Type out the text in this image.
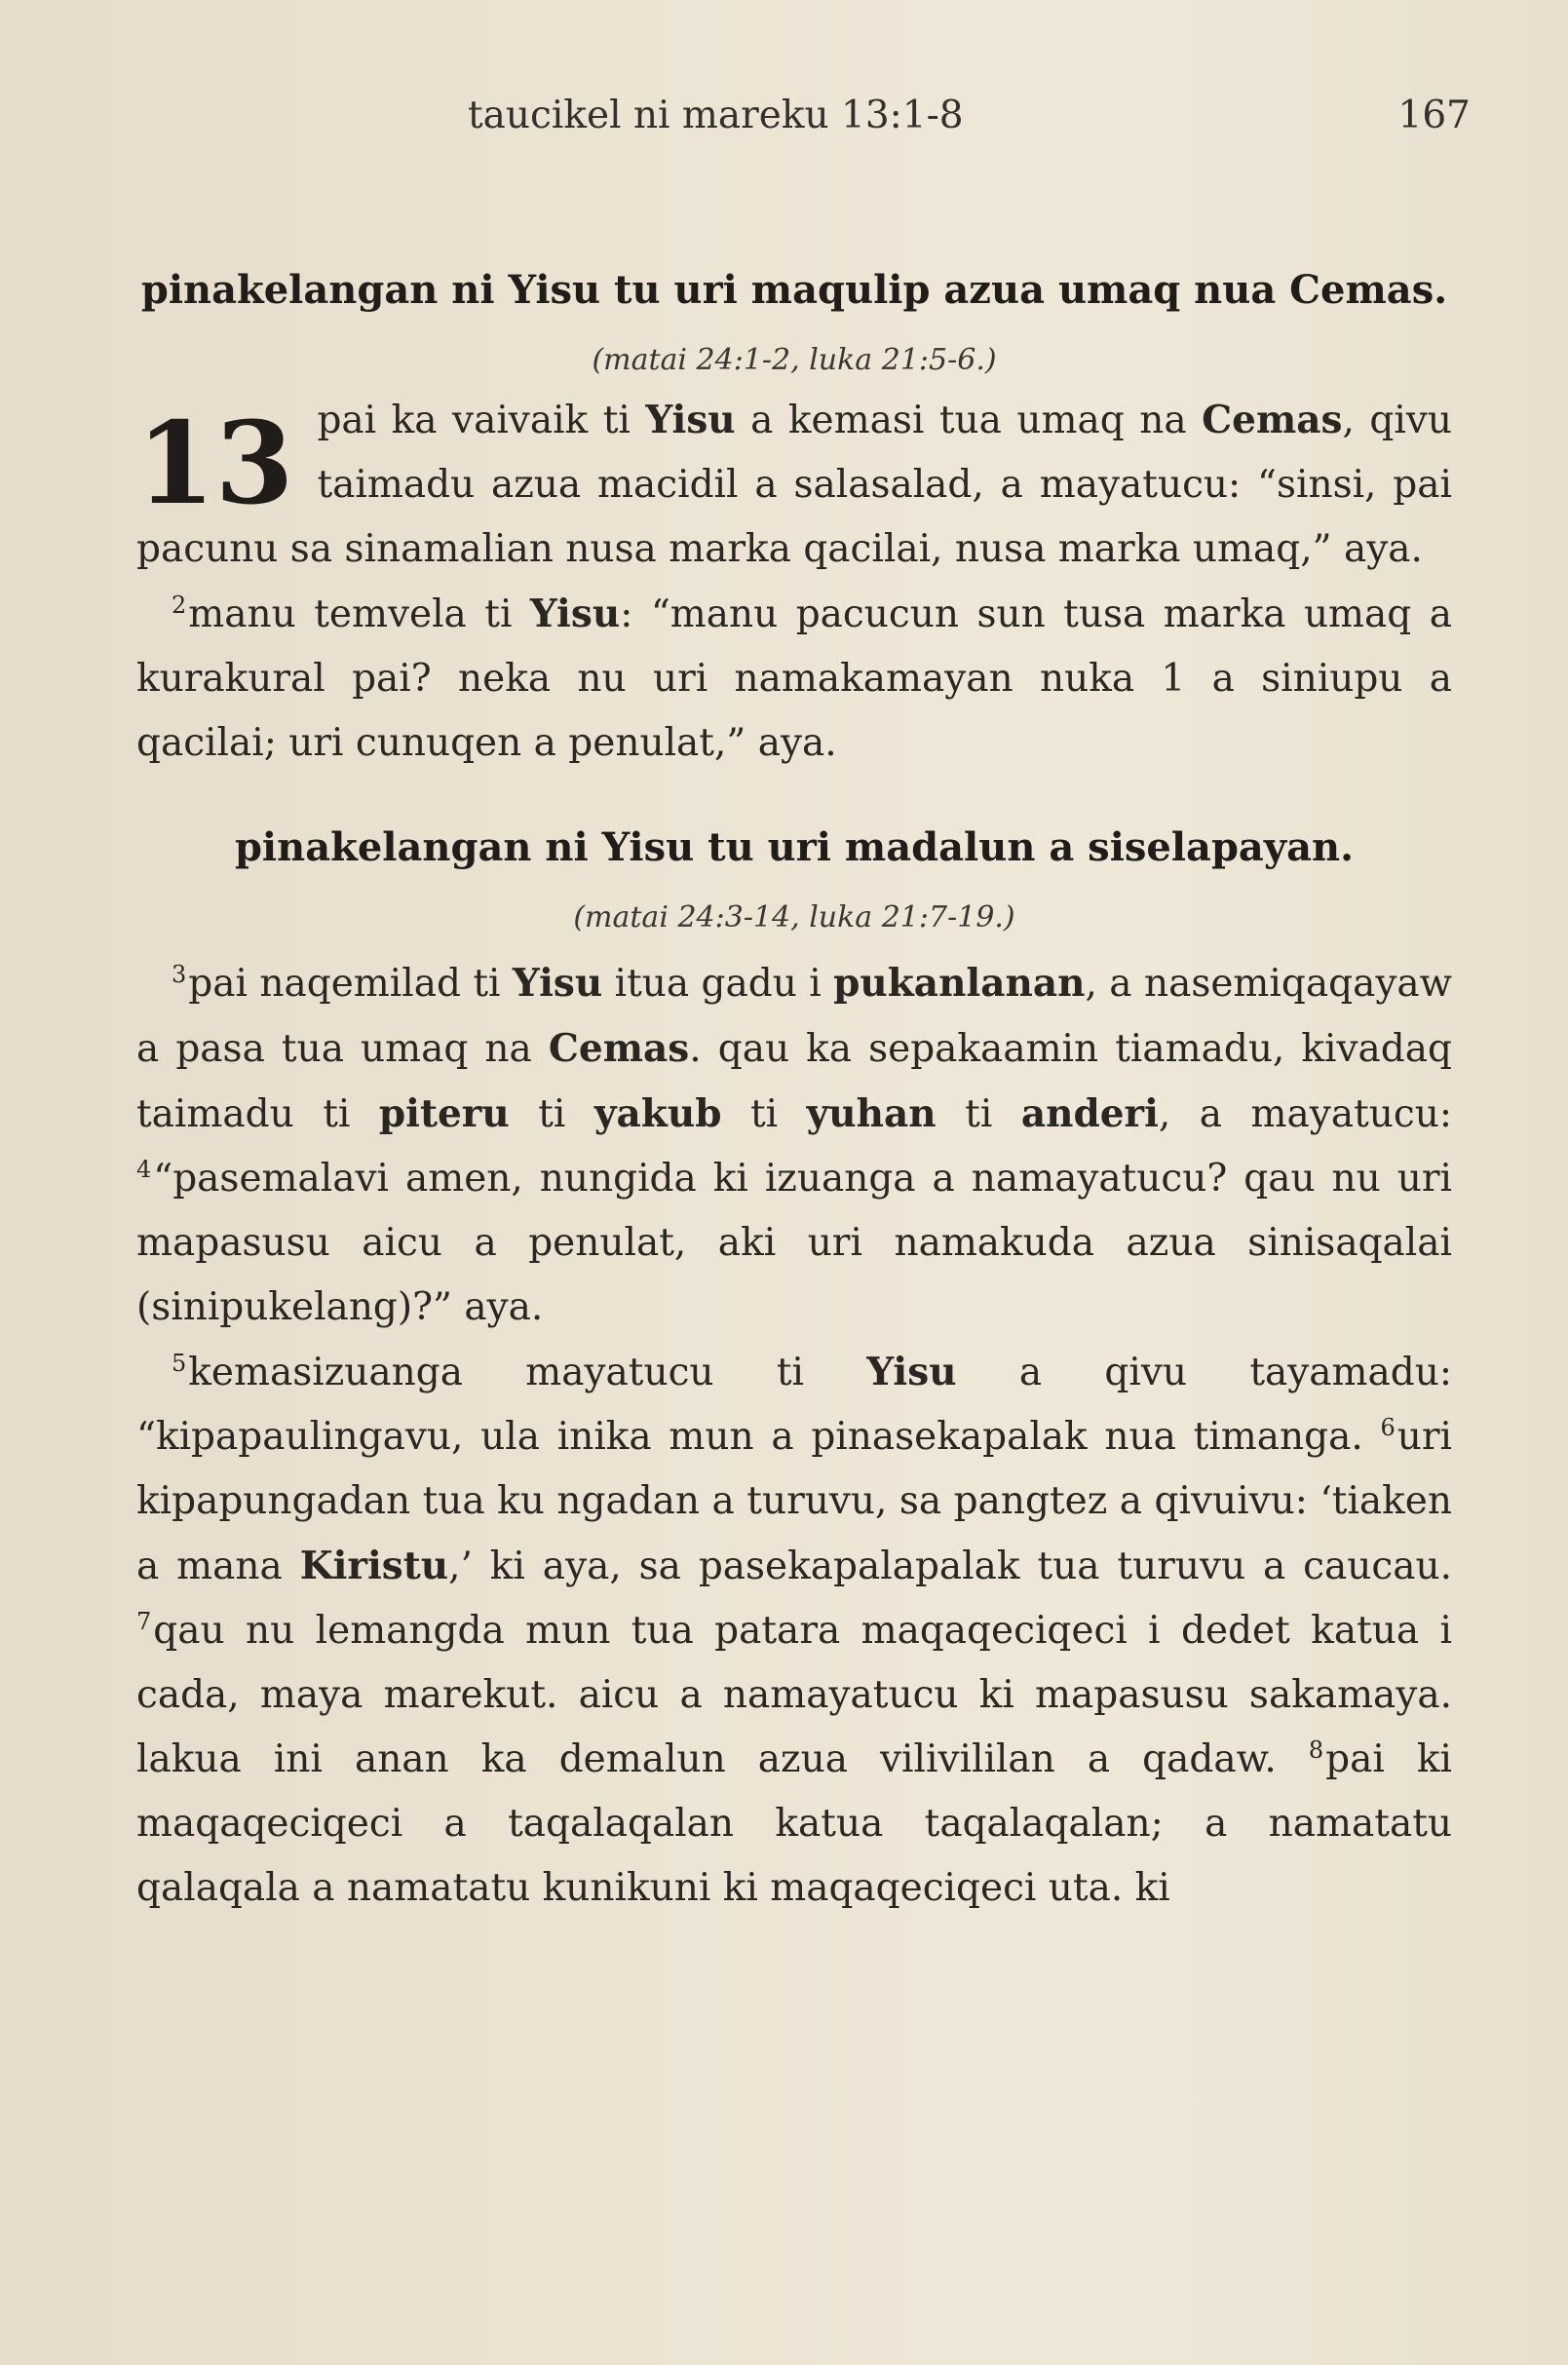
taucikel ni mareku 13:1-8	167
pinakelangan ni Yisu tu uri maqulip azua umaq nua Cemas.
(matai 24:1-2, luka 21:5-6.)

13 pai ka vaivaik ti Yisu a kemasi tua umaq na Cemas, qivu taimadu azua macidil a salasalad, a mayatucu: “sinsi, pai pacunu sa sinamalian nusa marka qacilai, nusa marka umaq,” aya.

$^2$manu temvela ti Yisu: “manu pacucun sun tusa marka umaq a kurakural pai? neka nu uri namakamayan nuka 1 a siniupu a qacilai; uri cunuqen a penulat,” aya.

pinakelangan ni Yisu tu uri madalun a siselapayan.
(matai 24:3-14, luka 21:7-19.)

$^3$pai naqemilad ti Yisu itua gadu i pukanlanan, a nasemiqaqayaw a pasa tua umaq na Cemas. qau ka sepakaamin tiamadu, kivadaq taimadu ti piteru ti yakub ti yuhan ti anderi, a mayatucu: $^4$“pasemalavi amen, nungida ki izuanga a namayatucu? qau nu uri mapasusu aicu a penulat, aki uri namakuda azua sinisaqalai (sinipukelang)?” aya.

$^5$kemasizuanga mayatucu ti Yisu a qivu tayamadu: “kipapaulingavu, ula inika mun a pinasekapalak nua timanga. $^6$uri kipapungadan tua ku ngadan a turuvu, sa pangtez a qivuivu: ‘tiaken a mana Kiristu,’ ki aya, sa pasekapalapalak tua turuvu a caucau. $^7$qau nu lemangda mun tua patara maqaqeciqeci i dedet katua i cada, maya marekut. aicu a namayatucu ki mapasusu sakamaya. lakua ini anan ka demalun azua vilivililan a qadaw. $^8$pai ki maqaqeciqeci a taqalaqalan katua taqalaqalan; a namatatu qalaqala a namatatu kunikuni ki maqaqeciqeci uta. ki
